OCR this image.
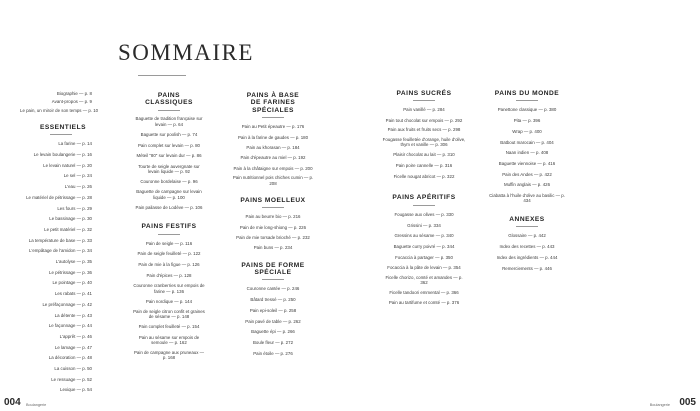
SOMMAIRE
Biographie — p. 8
Avant-propos — p. 9
Le pain, un miroir de son temps — p. 10
ESSENTIELS
La farine — p. 14
Le levain boulangerie — p. 16
Le levain naturel — p. 20
Le sel — p. 24
L'eau — p. 26
Le matériel de pétrissage — p. 28
Les fours — p. 29
Le bassinage — p. 30
Le petit matériel — p. 32
La température de base — p. 33
L'empâtage de l'amidon — p. 34
L'autolyse — p. 35
Le pétrissage — p. 36
Le pointage — p. 40
Les rabats — p. 41
Le préfaçonnage — p. 42
La détente — p. 43
Le façonnage — p. 44
L'apprêt — p. 46
Le lamage — p. 47
La décoration — p. 48
La cuisson — p. 50
Le ressuage — p. 52
Lexique — p. 54
PAINS
CLASSIQUES
Baguette de tradition française sur levain — p. 64
Baguette sur poolish — p. 74
Pain complet sur levain — p. 80
Méteil "80" sur levain dur — p. 86
Tourte de seigle auvergnate sur levain liquide — p. 92
Couronne bordelaise — p. 96
Baguette de campagne sur levain liquide — p. 100
Pain pailasse de Lodève — p. 106
PAINS FESTIFS
Pain de seigle — p. 116
Pain de seigle feuilleté — p. 122
Pain de mie à la figue — p. 126
Pain d'épices — p. 128
Couronne cranberries sur empois de farine — p. 136
Pain nordique — p. 144
Pain de seigle citron confit et graines de sésame — p. 148
Pain complet feuilleté — p. 154
Pain au sésame sur empois de semoule — p. 162
Pain de campagne aux pruneaux — p. 168
PAINS À BASE
DE FARINES SPÉCIALES
Pain au Petit épeautre — p. 176
Pain à la farine de gaudes — p. 180
Pain au khorasan — p. 184
Pain d'épeautre au miel — p. 192
Pain à la châtaigne sur empois — p. 200
Pain nutritionnel pois chiches cumin — p. 208
PAINS MOELLEUX
Pain au beurre bio — p. 216
Pain de mie long-shiong — p. 226
Pain de mie torsade brioché — p. 232
Pain buns — p. 234
PAINS DE FORME
SPÉCIALE
Couronne cantée — p. 246
Bâtard tressé — p. 250
Pain epi-soleil — p. 258
Pain pavé de table — p. 262
Baguette épi — p. 266
Boule fleur — p. 272
Pain étoile — p. 276
PAINS SUCRÉS
Pain vanillé — p. 284
Pain tout chocolat sur empois — p. 292
Pain aux fruits et fruits secs — p. 298
Fougasse feuilletée d'orange, huile d'olive, thym et vanille — p. 306
Plaisir chocolat au lait — p. 310
Pain poire cannelle — p. 316
Ficelle nougat abricot — p. 322
PAINS APÉRITIFS
Fougasse aux olives — p. 330
Grissini — p. 334
Gressins au sésame — p. 340
Baguette curry poivré — p. 344
Focaccia à partager — p. 350
Focaccia à la pâte de levain — p. 354
Ficelle chorizo, comté et amandes — p. 362
Ficelle tandoori emmental — p. 366
Pain au tartifume et comté — p. 376
PAINS DU MONDE
Panettone classique — p. 380
Pita — p. 396
Wrap — p. 400
Batbout marocain — p. 404
Naan indien — p. 408
Baguette viennoise — p. 416
Pain des Andes — p. 422
Muffin anglais — p. 426
Ciabatta à l'huile d'olive au basilic — p. 434
ANNEXES
Glossaire — p. 442
Index des recettes — p. 443
Index des ingrédients — p. 444
Remerciements — p. 446
004 Boulangerie	Boulangerie 005
